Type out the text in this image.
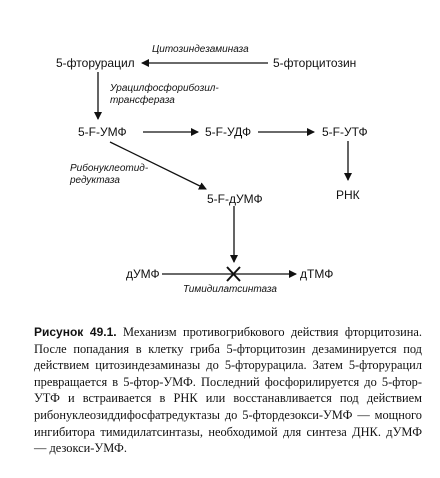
5-фторурацил	5-фторцитозин
5-F-УМФ	5-F-УДФ	5-F-УТФ
РНК
5-F-дУМФ
дУМФ	дТМФ
Цитозиндезаминаза
Урацилфосфорибозил-
трансфераза
Рибонуклеотид-
редуктаза
Тимидилатсинтаза
Рисунок 49.1. Механизм противогрибкового действия фторцитозина. После попадания в клетку гриба 5-фторцитозин дезаминируется под действием цитозиндезаминазы до 5-фторурацила. Затем 5-фторурацил превращается в 5-фтор-УМФ. Последний фосфорилируется до 5-фтор-УТФ и встраивается в РНК или восстанавливается под действием рибонуклеозиддифосфатредуктазы до 5-фтордезокси-УМФ — мощного ингибитора тимидилатсинтазы, необходимой для синтеза ДНК. дУМФ — дезокси-УМФ.
